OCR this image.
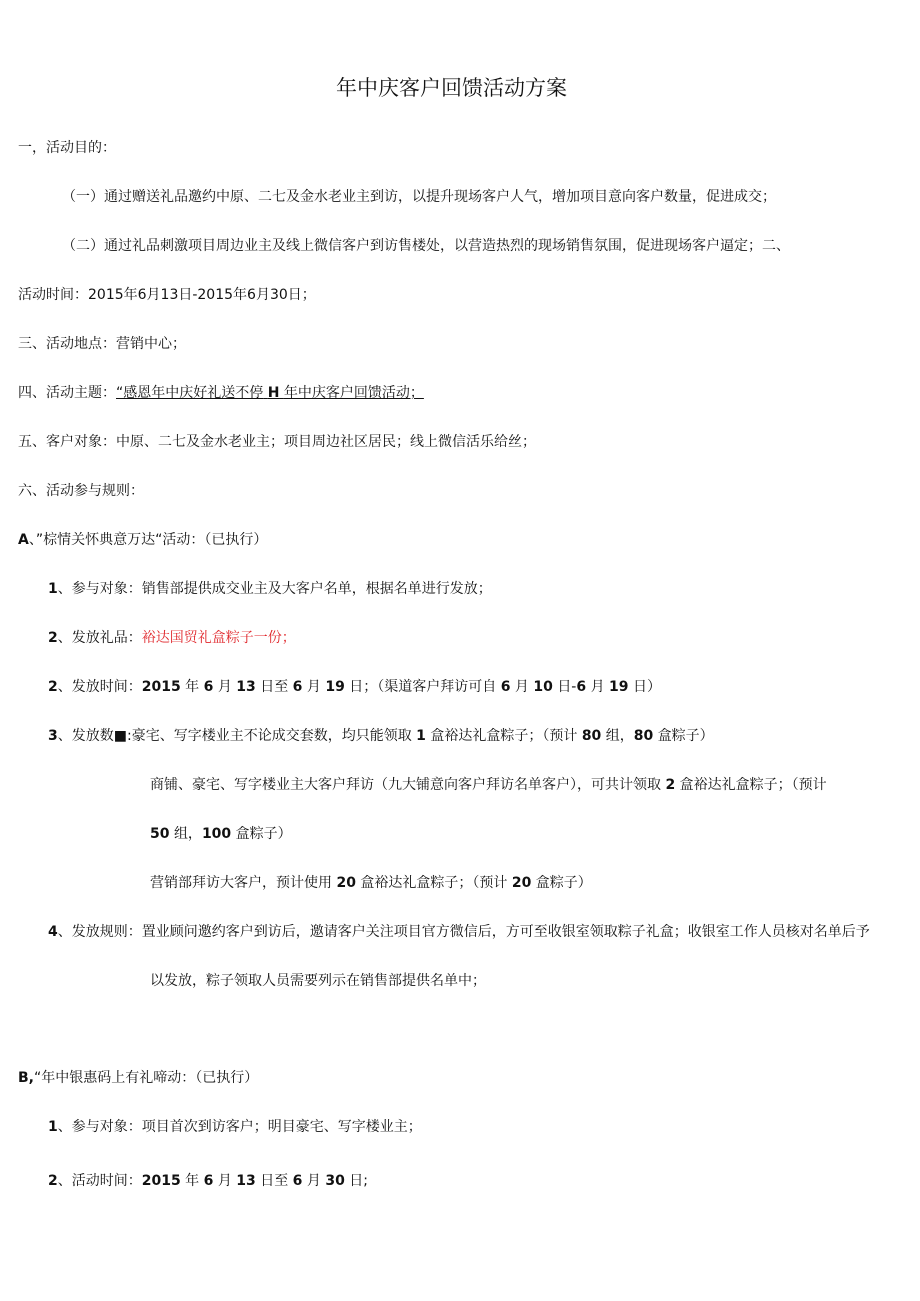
年中庆客户回馈活动方案
一，活动目的：
（一）通过赠送礼品邀约中原、二七及金水老业主到访，以提升现场客户人气，增加项目意向客户数量，促进成交；
（二）通过礼品刺激项目周边业主及线上微信客户到访售楼处，以营造热烈的现场销售氛围，促进现场客户逼定；二、
活动时间：2015年6月13日-2015年6月30日；
三、活动地点：营销中心；
四、活动主题：“感恩年中庆好礼送不停 H 年中庆客户回馈活动；
五、客户对象：中原、二七及金水老业主；项目周边社区居民；线上微信活乐给丝；
六、活动参与规则：
A、”棕情关怀典意万达“活动：（已执行）
1、参与对象：销售部提供成交业主及大客户名单，根据名单进行发放；
2、发放礼品：裕达国贸礼盒粽子一份；
2、发放时间：2015 年 6 月 13 日至 6 月 19 日；（渠道客户拜访可自 6 月 10 日-6 月 19 日）
3、发放数■:豪宅、写字楼业主不论成交套数，均只能领取 1 盒裕达礼盒粽子；（预计 80 组，80 盒粽子）
商铺、豪宅、写字楼业主大客户拜访（九大铺意向客户拜访名单客户），可共计领取 2 盒裕达礼盒粽子；（预计
50 组，100 盒粽子）
营销部拜访大客户，预计使用 20 盒裕达礼盒粽子；（预计 20 盒粽子）
4、发放规则：置业顾问邀约客户到访后，邀请客户关注项目官方微信后，方可至收银室领取粽子礼盒；收银室工作人员核对名单后予
以发放，粽子领取人员需要列示在销售部提供名单中；
B,“年中银惠码上有礼啼动：（已执行）
1、参与对象：项目首次到访客户；明目豪宅、写字楼业主；
2、活动时间：2015 年 6 月 13 日至 6 月 30 日;
